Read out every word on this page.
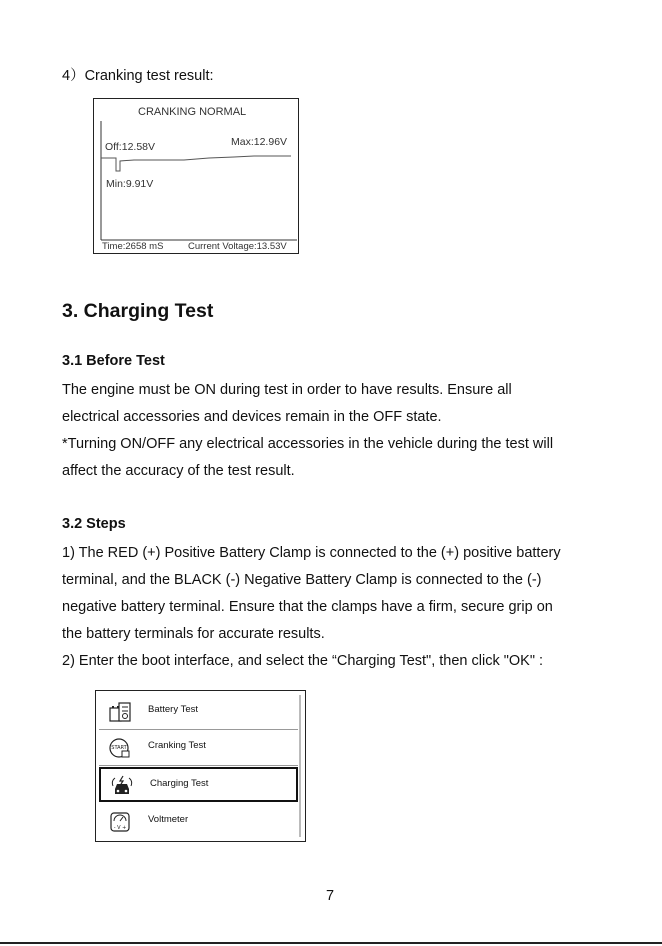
4）Cranking test result:
CRANKING NORMAL
Off:12.58V	Max:12.96V
Min:9.91V
Time:2658 mS	Current Voltage:13.53V
3. Charging Test
3.1 Before Test
The engine must be ON during test in order to have results. Ensure all
electrical accessories and devices remain in the OFF state.
*Turning ON/OFF any electrical accessories in the vehicle during the test will
affect the accuracy of the test result.
3.2 Steps
1) The RED (+) Positive Battery Clamp is connected to the (+) positive battery
terminal, and the BLACK (-) Negative Battery Clamp is connected to the (-)
negative battery terminal. Ensure that the clamps have a firm, secure grip on
the battery terminals for accurate results.
2) Enter the boot interface, and select the “Charging Test", then click "OK" :
Battery Test
START Cranking Test
Charging Test
- V +
Voltmeter
7
